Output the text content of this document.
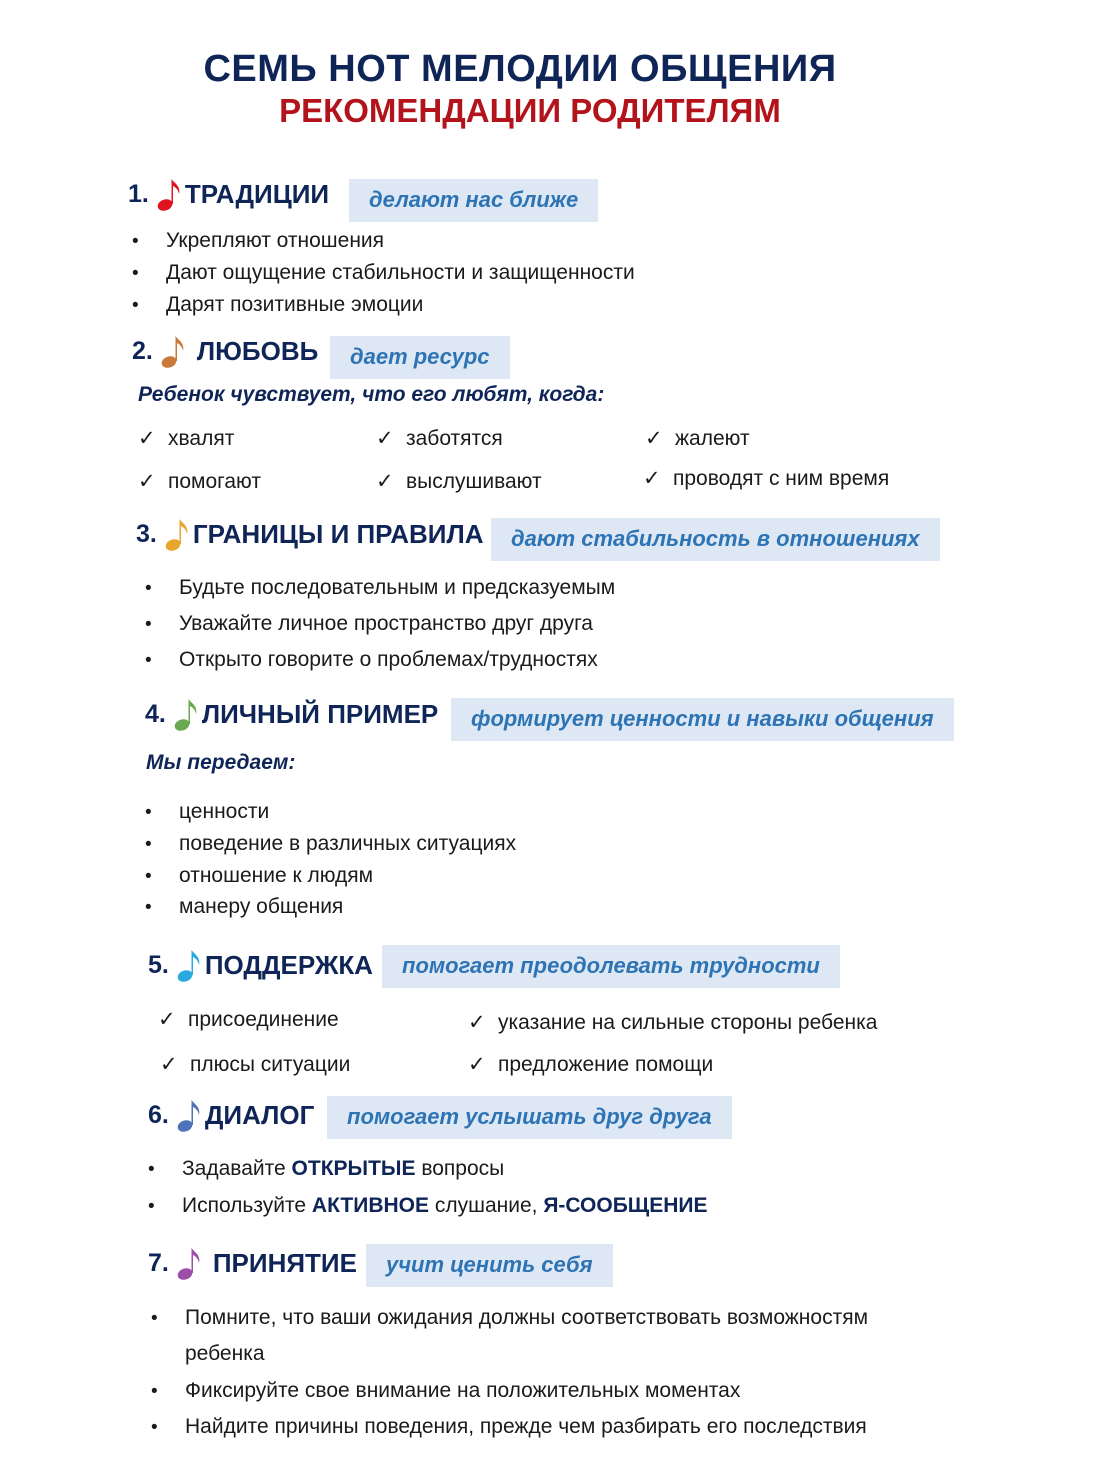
СЕМЬ НОТ МЕЛОДИИ ОБЩЕНИЯ
РЕКОМЕНДАЦИИ РОДИТЕЛЯМ
1. ТРАДИЦИИ	делают нас ближе
• Укрепляют отношения
• Дают ощущение стабильности и защищенности
• Дарят позитивные эмоции
2. ЛЮБОВЬ	дает ресурс
Ребенок чувствует, что его любят, когда:
✓ хвалят	✓ заботятся	✓ жалеют
✓ помогают	✓ выслушивают	✓ проводят с ним время
3. ГРАНИЦЫ И ПРАВИЛА	дают стабильность в отношениях
• Будьте последовательным и предсказуемым
• Уважайте личное пространство друг друга
• Открыто говорите о проблемах/трудностях
4. ЛИЧНЫЙ ПРИМЕР	формирует ценности и навыки общения
Мы передаем:
• ценности
• поведение в различных ситуациях
• отношение к людям
• манеру общения
5. ПОДДЕРЖКА	помогает преодолевать трудности
✓ присоединение	✓ указание на сильные стороны ребенка
✓ плюсы ситуации	✓ предложение помощи
6. ДИАЛОГ	помогает услышать друг друга
• Задавайте ОТКРЫТЫЕ вопросы
• Используйте АКТИВНОЕ слушание, Я-СООБЩЕНИЕ
7. ПРИНЯТИЕ	учит ценить себя
• Помните, что ваши ожидания должны соответствовать возможностям
ребенка
• Фиксируйте свое внимание на положительных моментах
• Найдите причины поведения, прежде чем разбирать его последствия
